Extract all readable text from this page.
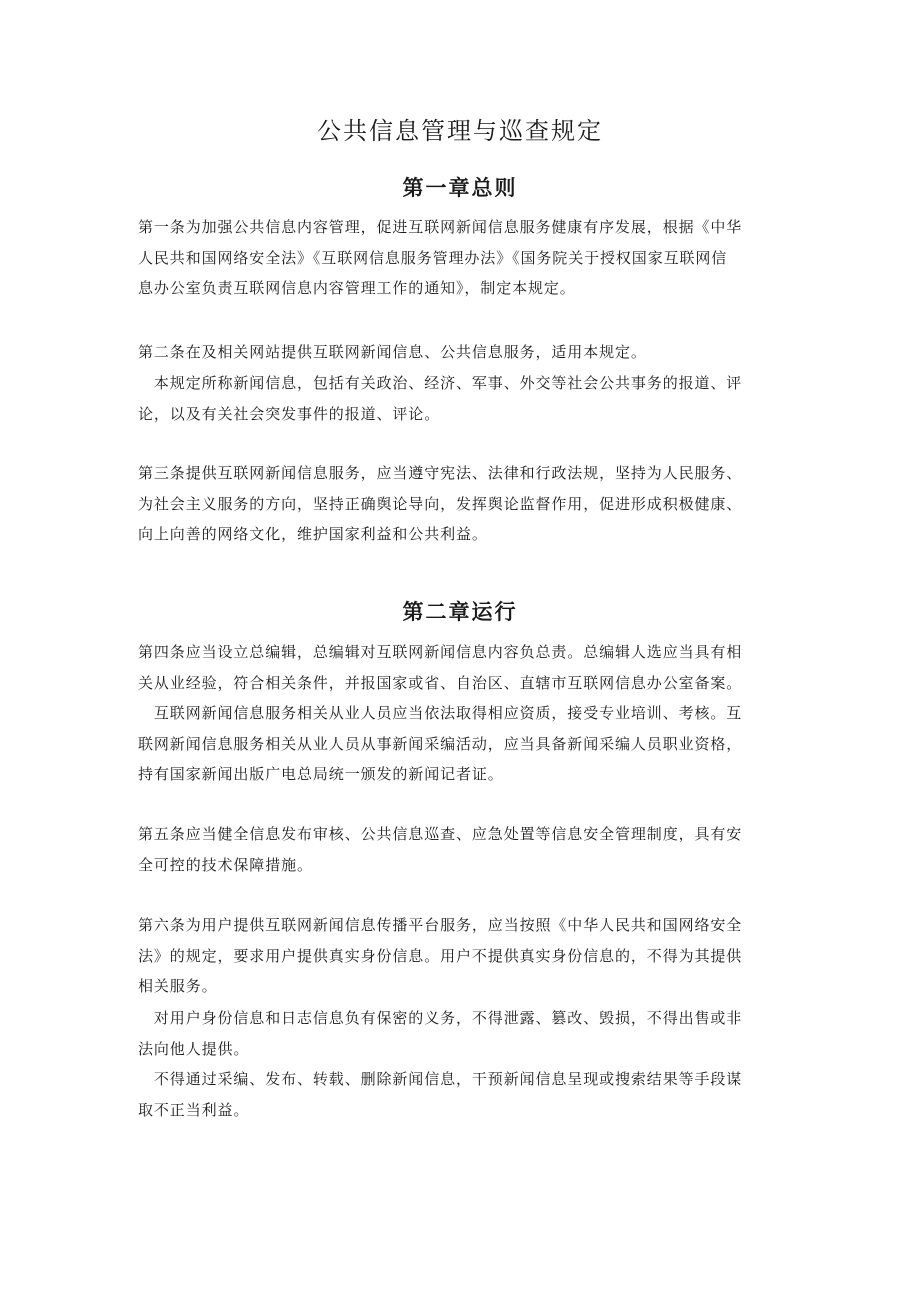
公共信息管理与巡查规定
第一章总则

第一条为加强公共信息内容管理，促进互联网新闻信息服务健康有序发展，根据《中华
人民共和国网络安全法》《互联网信息服务管理办法》《国务院关于授权国家互联网信
息办公室负责互联网信息内容管理工作的通知》，制定本规定。

第二条在及相关网站提供互联网新闻信息、公共信息服务，适用本规定。

　本规定所称新闻信息，包括有关政治、经济、军事、外交等社会公共事务的报道、评
论，以及有关社会突发事件的报道、评论。

第三条提供互联网新闻信息服务，应当遵守宪法、法律和行政法规，坚持为人民服务、
为社会主义服务的方向，坚持正确舆论导向，发挥舆论监督作用，促进形成积极健康、
向上向善的网络文化，维护国家利益和公共利益。

第二章运行

第四条应当设立总编辑，总编辑对互联网新闻信息内容负总责。总编辑人选应当具有相
关从业经验，符合相关条件，并报国家或省、自治区、直辖市互联网信息办公室备案。

　互联网新闻信息服务相关从业人员应当依法取得相应资质，接受专业培训、考核。互
联网新闻信息服务相关从业人员从事新闻采编活动，应当具备新闻采编人员职业资格，
持有国家新闻出版广电总局统一颁发的新闻记者证。

第五条应当健全信息发布审核、公共信息巡查、应急处置等信息安全管理制度，具有安
全可控的技术保障措施。

第六条为用户提供互联网新闻信息传播平台服务，应当按照《中华人民共和国网络安全
法》的规定，要求用户提供真实身份信息。用户不提供真实身份信息的，不得为其提供
相关服务。

　对用户身份信息和日志信息负有保密的义务，不得泄露、篡改、毁损，不得出售或非
法向他人提供。

　不得通过采编、发布、转载、删除新闻信息，干预新闻信息呈现或搜索结果等手段谋
取不正当利益。
